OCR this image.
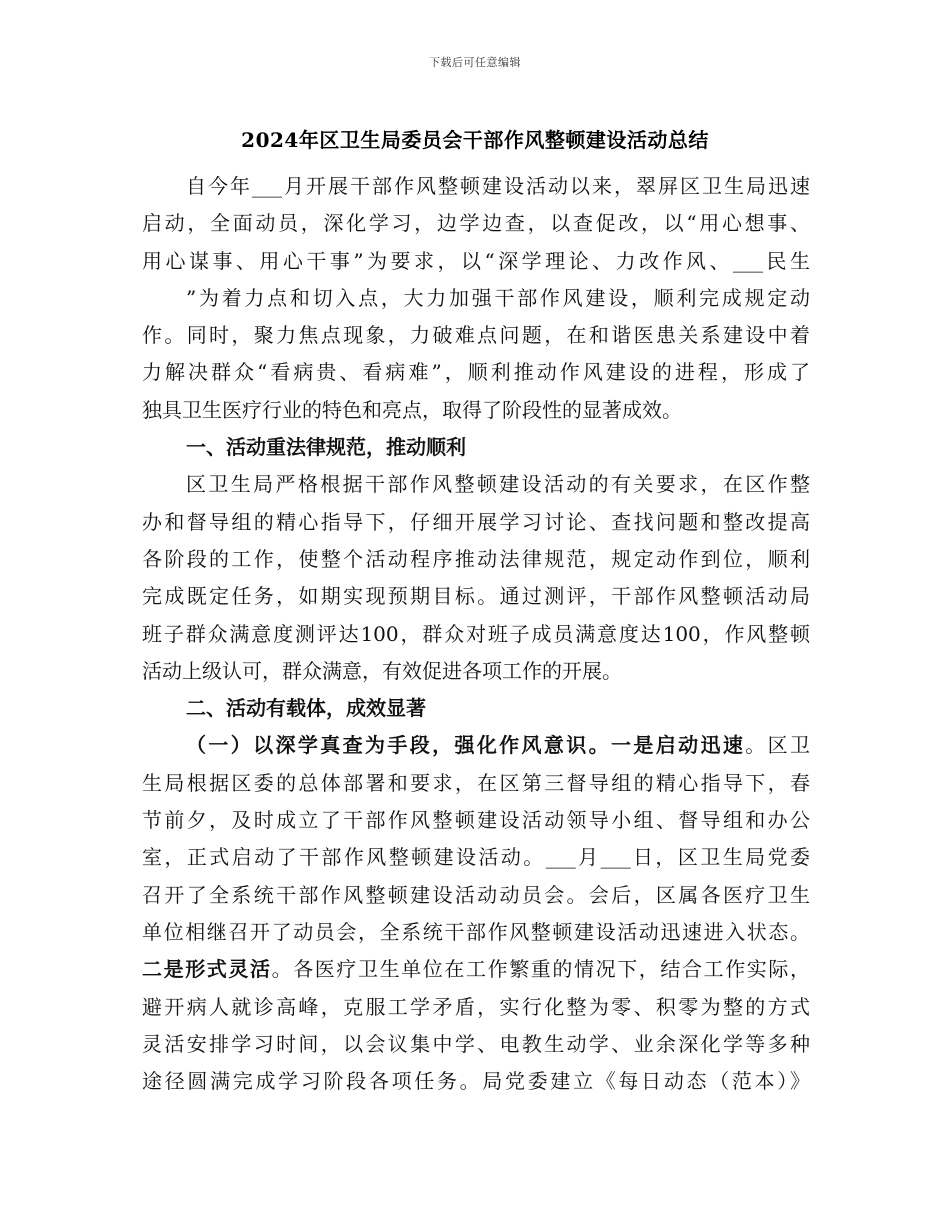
下载后可任意编辑
2024年区卫生局委员会干部作风整顿建设活动总结
自今年___月开展干部作风整顿建设活动以来，翠屏区卫生局迅速
启动，全面动员，深化学习，边学边查，以查促改，以“用心想事、
用心谋事、用心干事”为要求，以“深学理论、力改作风、___民生
”为着力点和切入点，大力加强干部作风建设，顺利完成规定动
作。同时，聚力焦点现象，力破难点问题，在和谐医患关系建设中着
力解决群众“看病贵、看病难”，顺利推动作风建设的进程，形成了
独具卫生医疗行业的特色和亮点，取得了阶段性的显著成效。
一、活动重法律规范，推动顺利
区卫生局严格根据干部作风整顿建设活动的有关要求，在区作整
办和督导组的精心指导下，仔细开展学习讨论、查找问题和整改提高
各阶段的工作，使整个活动程序推动法律规范，规定动作到位，顺利
完成既定任务，如期实现预期目标。通过测评，干部作风整顿活动局
班子群众满意度测评达100，群众对班子成员满意度达100，作风整顿
活动上级认可，群众满意，有效促进各项工作的开展。
二、活动有载体，成效显著
（一）以深学真查为手段，强化作风意识。一是启动迅速。区卫
生局根据区委的总体部署和要求，在区第三督导组的精心指导下，春
节前夕，及时成立了干部作风整顿建设活动领导小组、督导组和办公
室，正式启动了干部作风整顿建设活动。___月___日，区卫生局党委
召开了全系统干部作风整顿建设活动动员会。会后，区属各医疗卫生
单位相继召开了动员会，全系统干部作风整顿建设活动迅速进入状态。
二是形式灵活。各医疗卫生单位在工作繁重的情况下，结合工作实际，
避开病人就诊高峰，克服工学矛盾，实行化整为零、积零为整的方式
灵活安排学习时间，以会议集中学、电教生动学、业余深化学等多种
途径圆满完成学习阶段各项任务。局党委建立《每日动态（范本）》
